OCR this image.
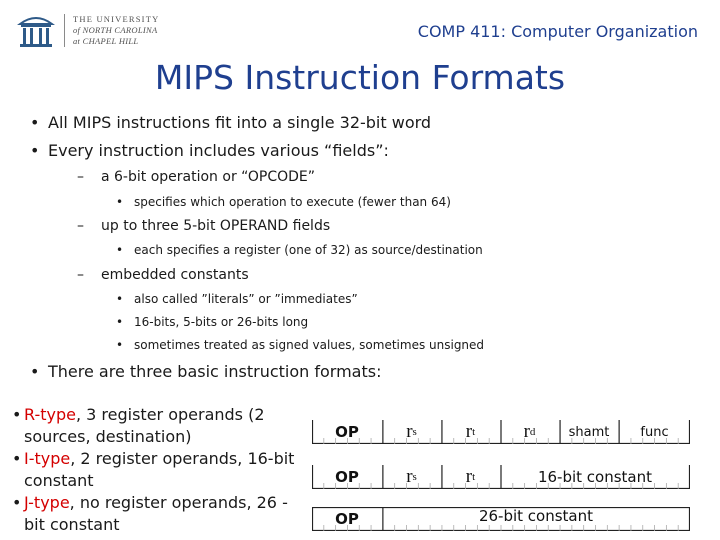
THE UNIVERSITY
of NORTH CAROLINA
at CHAPEL HILL	COMP 411: Computer Organization
MIPS Instruction Formats
• All MIPS instructions fit into a single 32-bit word
• Every instruction includes various “fields”:
– a 6-bit operation or “OPCODE”
• specifies which operation to execute (fewer than 64)
– up to three 5-bit OPERAND fields
• each specifies a register (one of 32) as source/destination
– embedded constants
• also called ”literals” or ”immediates”
• 16-bits, 5-bits or 26-bits long
• sometimes treated as signed values, sometimes unsigned
• There are three basic instruction formats:
• R-type, 3 register operands (2 sources, destination)
• I-type, 2 register operands, 16-bit constant
• J-type, no register operands, 26 -bit constant
OP	r s	r t	r d	shamt	func
OP	r s	r t	16-bit constant
OP	26-bit constant
